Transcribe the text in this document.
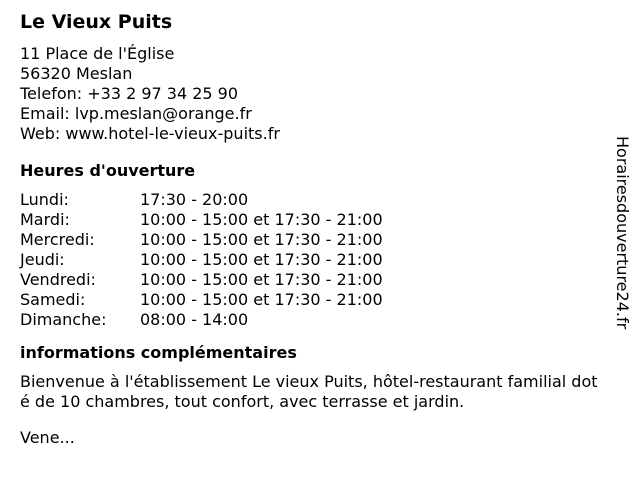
Le Vieux Puits
11 Place de l'Église
56320 Meslan
Telefon: +33 2 97 34 25 90
Email: lvp.meslan@orange.fr
Web: www.hotel-le-vieux-puits.fr
Heures d'ouverture
Lundi:	17:30 - 20:00
Mardi:	10:00 - 15:00 et 17:30 - 21:00
Mercredi:	10:00 - 15:00 et 17:30 - 21:00
Jeudi:	10:00 - 15:00 et 17:30 - 21:00
Vendredi:	10:00 - 15:00 et 17:30 - 21:00
Samedi:	10:00 - 15:00 et 17:30 - 21:00
Dimanche:	08:00 - 14:00
informations complémentaires
Bienvenue à l'établissement Le vieux Puits, hôtel-restaurant familial doté de 10 chambres, tout confort, avec terrasse et jardin.
Vene...
Horairesdouverture24.fr
